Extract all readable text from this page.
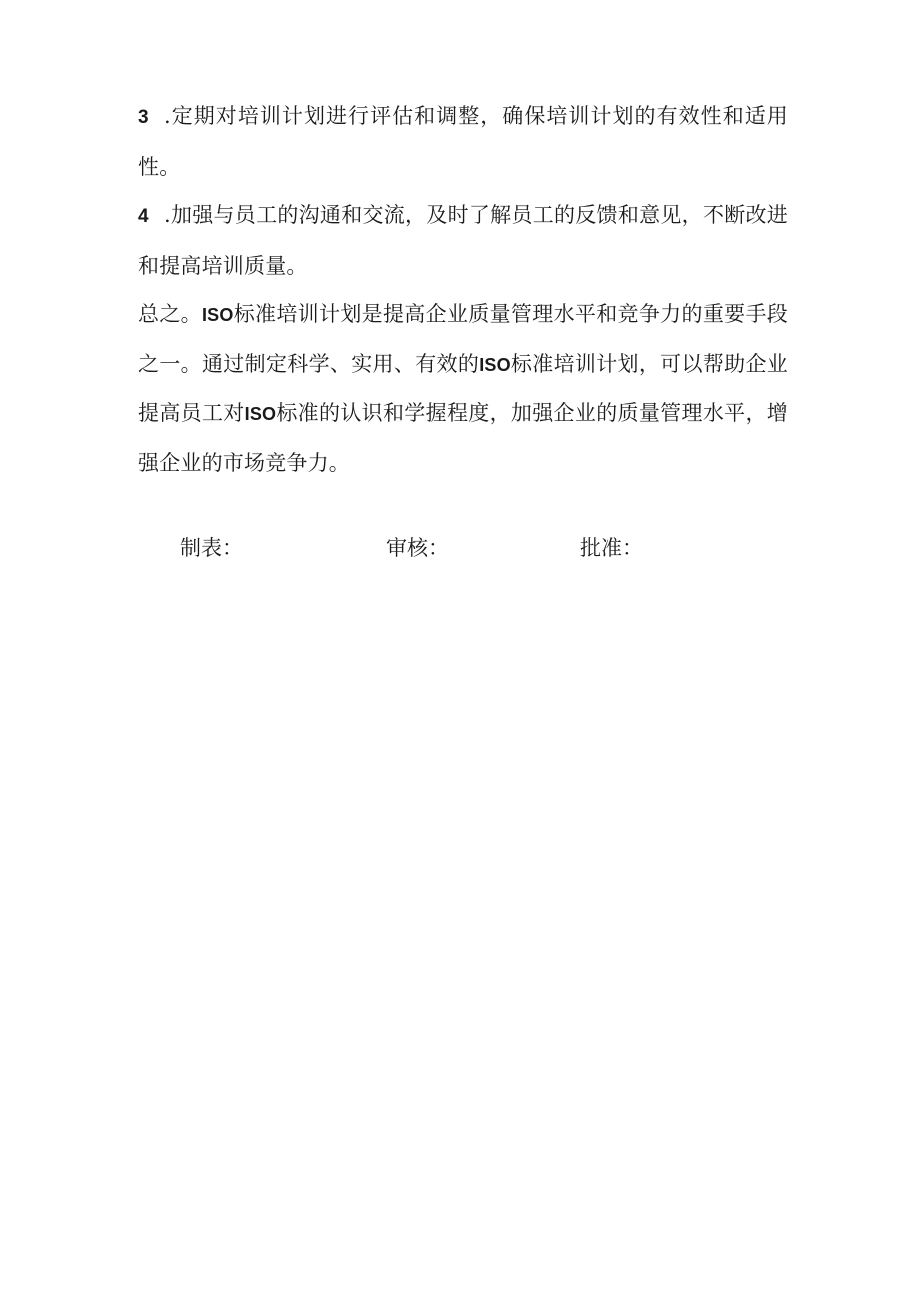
3 .定期对培训计划进行评估和调整，确保培训计划的有效性和适用性。

4 .加强与员工的沟通和交流，及时了解员工的反馈和意见，不断改进和提高培训质量。

总之。ISO标准培训计划是提高企业质量管理水平和竞争力的重要手段之一。通过制定科学、实用、有效的ISO标准培训计划，可以帮助企业提高员工对ISO标准的认识和学握程度，加强企业的质量管理水平，增强企业的市场竞争力。

制表：	审核：	批准：
